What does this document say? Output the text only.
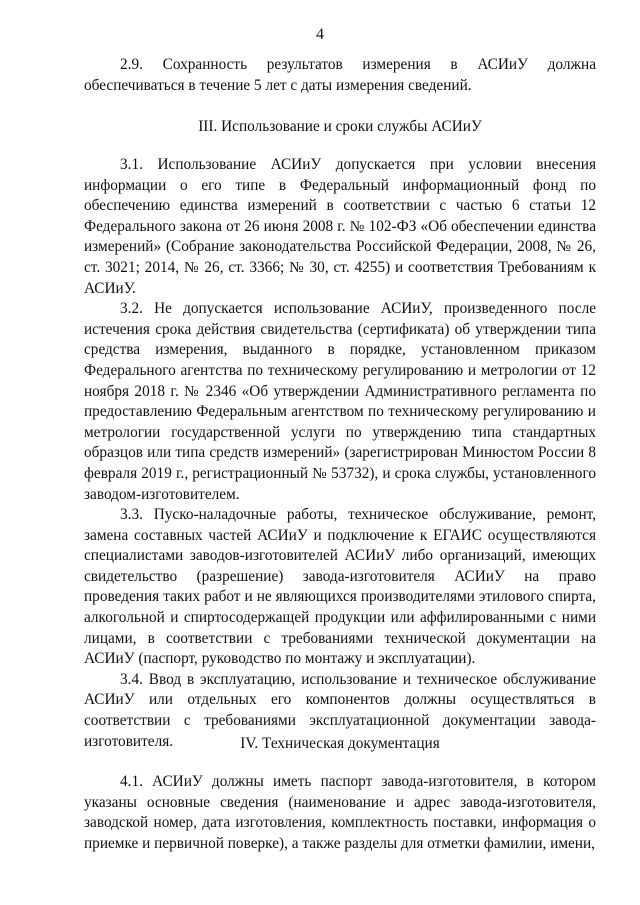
4

2.9. Сохранность результатов измерения в АСИиУ должна обеспечиваться в течение 5 лет с даты измерения сведений.

III. Использование и сроки службы АСИиУ

3.1. Использование АСИиУ допускается при условии внесения информации о его типе в Федеральный информационный фонд по обеспечению единства измерений в соответствии с частью 6 статьи 12 Федерального закона от 26 июня 2008 г. № 102-ФЗ «Об обеспечении единства измерений» (Собрание законодательства Российской Федерации, 2008, № 26, ст. 3021; 2014, № 26, ст. 3366; № 30, ст. 4255) и соответствия Требованиям к АСИиУ.

3.2. Не допускается использование АСИиУ, произведенного после истечения срока действия свидетельства (сертификата) об утверждении типа средства измерения, выданного в порядке, установленном приказом Федерального агентства по техническому регулированию и метрологии от 12 ноября 2018 г. № 2346 «Об утверждении Административного регламента по предоставлению Федеральным агентством по техническому регулированию и метрологии государственной услуги по утверждению типа стандартных образцов или типа средств измерений» (зарегистрирован Минюстом России 8 февраля 2019 г., регистрационный № 53732), и срока службы, установленного заводом-изготовителем.

3.3. Пуско-наладочные работы, техническое обслуживание, ремонт, замена составных частей АСИиУ и подключение к ЕГАИС осуществляются специалистами заводов-изготовителей АСИиУ либо организаций, имеющих свидетельство (разрешение) завода-изготовителя АСИиУ на право проведения таких работ и не являющихся производителями этилового спирта, алкогольной и спиртосодержащей продукции или аффилированными с ними лицами, в соответствии с требованиями технической документации на АСИиУ (паспорт, руководство по монтажу и эксплуатации).

3.4. Ввод в эксплуатацию, использование и техническое обслуживание АСИиУ или отдельных его компонентов должны осуществляться в соответствии с требованиями эксплуатационной документации завода-изготовителя.	IV. Техническая документация

4.1. АСИиУ должны иметь паспорт завода-изготовителя, в котором указаны основные сведения (наименование и адрес завода-изготовителя, заводской номер, дата изготовления, комплектность поставки, информация о приемке и первичной поверке), а также разделы для отметки фамилии, имени,
